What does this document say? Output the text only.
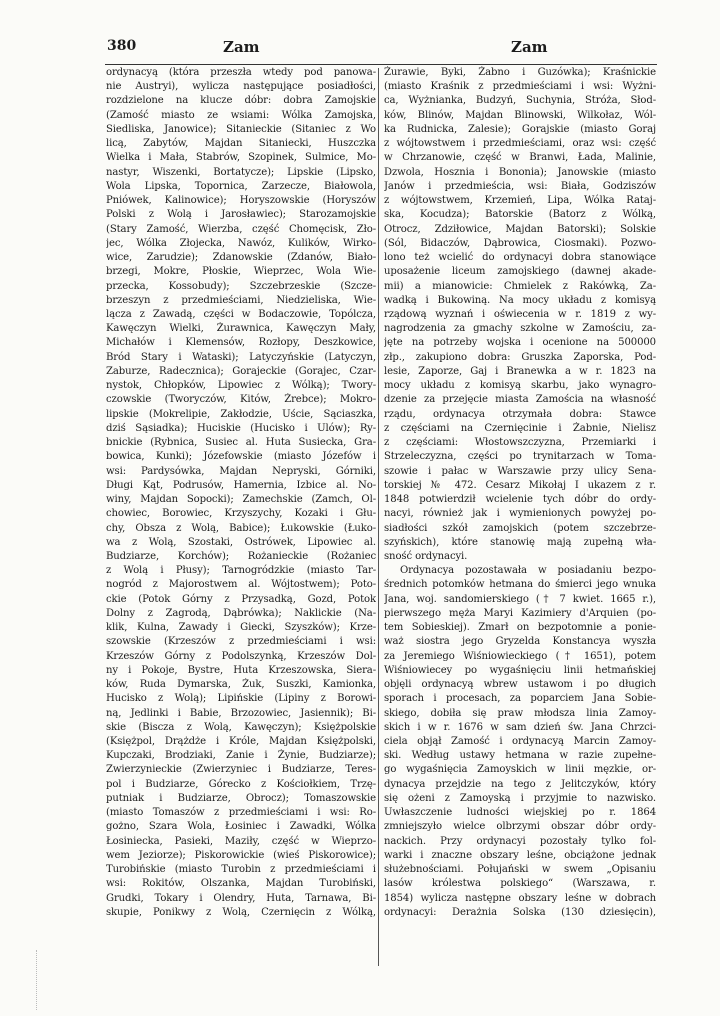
380	Zam	Zam
ordynacyą (która przeszła wtedy pod panowa-
nie Austryi), wylicza następujące posiadłości,
rozdzielone na klucze dóbr: dobra Zamojskie
(Zamość miasto ze wsiami: Wólka Zamojska,
Siedliska, Janowice); Sitanieckie (Sitaniec z Wo
licą, Zabytów, Majdan Sitaniecki, Huszczka
Wielka i Mała, Stabrów, Szopinek, Sulmice, Mo-
nastyr, Wiszenki, Bortatycze); Lipskie (Lipsko,
Wola Lipska, Topornica, Zarzecze, Białowola,
Pniówek, Kalinowice); Horyszowskie (Horyszów
Polski z Wolą i Jarosławiec); Starozamojskie
(Stary Zamość, Wierzba, część Chomęcisk, Zło-
jec, Wólka Złojecka, Nawóz, Kulików, Wirko-
wice, Zarudzie); Zdanowskie (Zdanów, Biało-
brzegi, Mokre, Płoskie, Wieprzec, Wola Wie-
przecka, Kossobudy); Szczebrzeskie (Szcze-
brzeszyn z przedmieściami, Niedzieliska, Wie-
lącza z Zawadą, części w Bodaczowie, Topólcza,
Kawęczyn Wielki, Żurawnica, Kawęczyn Mały,
Michałów i Klemensów, Rozłopy, Deszkowice,
Bród Stary i Wataski); Latyczyńskie (Latyczyn,
Zaburze, Radecznica); Gorajeckie (Gorajec, Czar-
nystok, Chłopków, Lipowiec z Wólką); Twory-
czowskie (Tworyczów, Kitów, Żrebce); Mokro-
lipskie (Mokrelipie, Zakłodzie, Uście, Sąciaszka,
dziś Sąsiadka); Huciskie (Hucisko i Ulów); Ry-
bnickie (Rybnica, Susiec al. Huta Susiecka, Gra-
bowica, Kunki); Józefowskie (miasto Józefów i
wsi: Pardysówka, Majdan Nepryski, Górniki,
Długi Kąt, Podrusów, Hamernia, Izbice al. No-
winy, Majdan Sopocki); Zamechskie (Zamch, Ol-
chowiec, Borowiec, Krzyszychy, Kozaki i Głu-
chy, Obsza z Wolą, Babice); Łukowskie (Łuko-
wa z Wolą, Szostaki, Ostrówek, Lipowiec al.
Budziarze, Korchów); Rożanieckie (Rożaniec
z Wolą i Płusy); Tarnogródzkie (miasto Tar-
nogród z Majorostwem al. Wójtostwem); Poto-
ckie (Potok Górny z Przysadką, Gozd, Potok
Dolny z Zagrodą, Dąbrówka); Naklickie (Na-
klik, Kulna, Zawady i Giecki, Szyszków); Krze-
szowskie (Krzeszów z przedmieściami i wsi:
Krzeszów Górny z Podolszynką, Krzeszów Dol-
ny i Pokoje, Bystre, Huta Krzeszowska, Siera-
ków, Ruda Dymarska, Żuk, Suszki, Kamionka,
Hucisko z Wolą); Lipińskie (Lipiny z Borowi-
ną, Jedlinki i Babie, Brzozowiec, Jasiennik); Bi-
skie (Biscza z Wolą, Kawęczyn); Księżpolskie
(Księżpol, Drążdże i Króle, Majdan Księżpolski,
Kupczaki, Brodziaki, Zanie i Żynie, Budziarze);
Zwierzynieckie (Zwierzyniec i Budziarze, Teres-
pol i Budziarze, Górecko z Kościołkiem, Trzę-
putniak i Budziarze, Obrocz); Tomaszowskie
(miasto Tomaszów z przedmieściami i wsi: Ro-
gożno, Szara Wola, Łosiniec i Zawadki, Wólka
Łosiniecka, Pasieki, Maziły, część w Wieprzo-
wem Jeziorze); Piskorowickie (wieś Piskorowice);
Turobińskie (miasto Turobin z przedmieściami i
wsi: Rokitów, Olszanka, Majdan Turobiński,
Grudki, Tokary i Olendry, Huta, Tarnawa, Bi-
skupie, Ponikwy z Wolą, Czernięcin z Wólką,
Żurawie, Byki, Żabno i Guzówka); Kraśnickie
(miasto Kraśnik z przedmieściami i wsi: Wyżni-
ca, Wyżnianka, Budzyń, Suchynia, Stróża, Słod-
ków, Blinów, Majdan Blinowski, Wilkołaz, Wól-
ka Rudnicka, Zalesie); Gorajskie (miasto Goraj
z wójtowstwem i przedmieściami, oraz wsi: część
w Chrzanowie, część w Branwi, Łada, Malinie,
Dzwola, Hosznia i Bononia); Janowskie (miasto
Janów i przedmieścia, wsi: Biała, Godziszów
z wójtowstwem, Krzemień, Lipa, Wólka Rataj-
ska, Kocudza); Batorskie (Batorz z Wólką,
Otrocz, Zdziłowice, Majdan Batorski); Solskie
(Sól, Bidaczów, Dąbrowica, Ciosmaki). Pozwo-
lono też wcielić do ordynacyi dobra stanowiące
uposażenie liceum zamojskiego (dawnej akade-
mii) a mianowicie: Chmielek z Rakówką, Za-
wadką i Bukowiną. Na mocy układu z komisyą
rządową wyznań i oświecenia w r. 1819 z wy-
nagrodzenia za gmachy szkolne w Zamościu, za-
jęte na potrzeby wojska i ocenione na 500000
złp., zakupiono dobra: Gruszka Zaporska, Pod-
lesie, Zaporze, Gaj i Branewka a w r. 1823 na
mocy układu z komisyą skarbu, jako wynagro-
dzenie za przejęcie miasta Zamościa na własność
rządu, ordynacya otrzymała dobra: Stawce
z częściami na Czernięcinie i Żabnie, Nielisz
z częściami: Włostowszczyzna, Przemiarki i
Strzeleczyzna, części po trynitarzach w Toma-
szowie i pałac w Warszawie przy ulicy Sena-
torskiej № 472. Cesarz Mikołaj I ukazem z r.
1848 potwierdził wcielenie tych dóbr do ordy-
nacyi, również jak i wymienionych powyżej po-
siadłości szkół zamojskich (potem szczebrze-
szyńskich), które stanowię mają zupełną wła-
sność ordynacyi.
Ordynacya pozostawała w posiadaniu bezpo-
średnich potomków hetmana do śmierci jego wnuka
Jana, woj. sandomierskiego († 7 kwiet. 1665 r.),
pierwszego męża Maryi Kazimiery d'Arquien (po-
tem Sobieskiej). Zmarł on bezpotomnie a ponie-
waż siostra jego Gryzelda Konstancya wyszła
za Jeremiego Wiśniowieckiego († 1651), potem
Wiśniowiecey po wygaśnięciu linii hetmańskiej
objęli ordynacyą wbrew ustawom i po długich
sporach i procesach, za poparciem Jana Sobie-
skiego, dobiła się praw młodsza linia Zamoy-
skich i w r. 1676 w sam dzień św. Jana Chrzci-
ciela objął Zamość i ordynacyą Marcin Zamoy-
ski. Według ustawy hetmana w razie zupełne-
go wygaśnięcia Zamoyskich w linii męzkie, or-
dynacya przejdzie na tego z Jelitczyków, który
się ożeni z Zamoyską i przyjmie to nazwisko.
Uwłaszczenie ludności wiejskiej po r. 1864
zmniejszyło wielce olbrzymi obszar dóbr ordy-
nackich. Przy ordynacyi pozostały tylko fol-
warki i znaczne obszary leśne, obciążone jednak
służebnościami. Połujański w swem „Opisaniu
lasów królestwa polskiego“ (Warszawa, r.
1854) wylicza następne obszary leśne w dobrach
ordynacyi: Derażnia Solska (130 dziesięcin),
